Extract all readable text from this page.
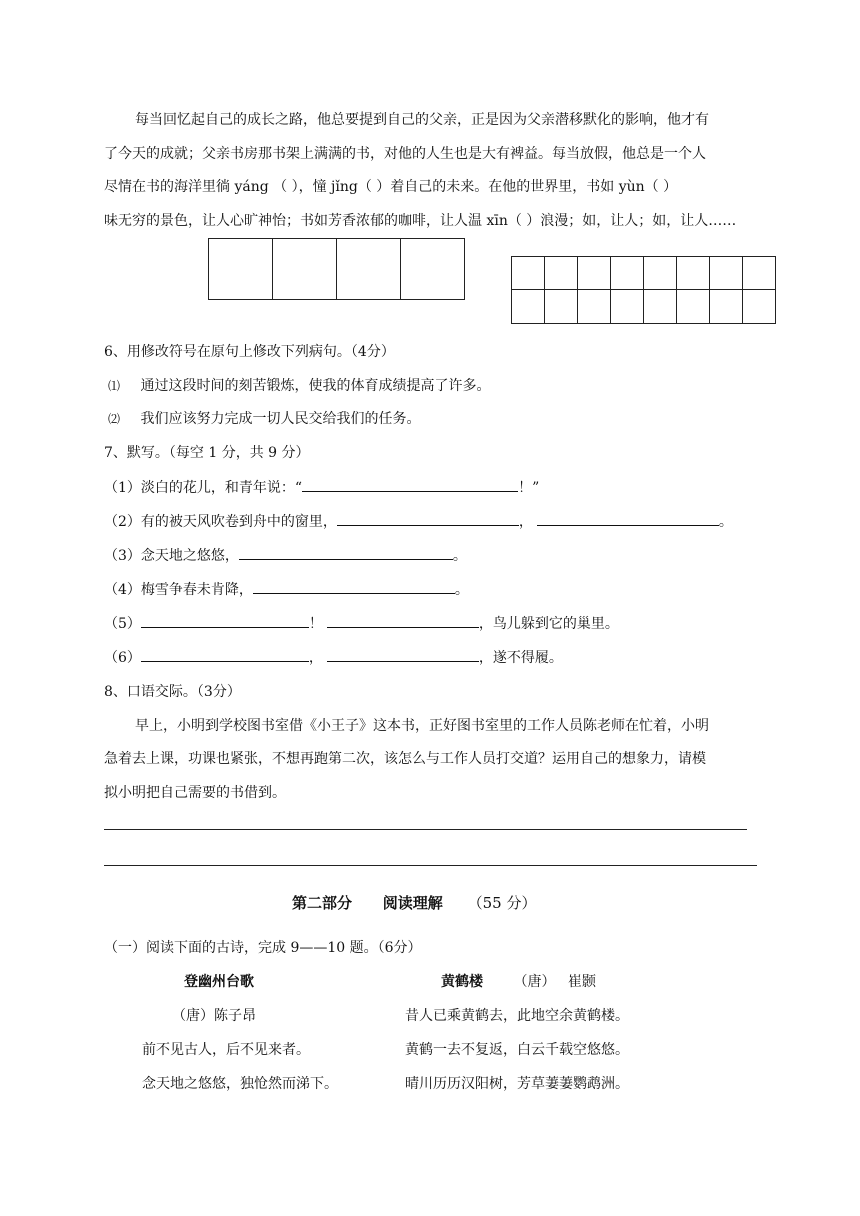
每当回忆起自己的成长之路，他总要提到自己的父亲，正是因为父亲潜移默化的影响，他才有
了今天的成就；父亲书房那书架上满满的书，对他的人生也是大有裨益。每当放假，他总是一个人
尽情在书的海洋里徜 yáng （ ），憧 jǐng（ ）着自己的未来。在他的世界里，书如 yùn（ ）
味无穷的景色，让人心旷神怡；书如芳香浓郁的咖啡，让人温 xīn（ ）浪漫；如，让人；如，让人……

6、用修改符号在原句上修改下列病句。（4分）
⑴ 通过这段时间的刻苦锻炼，使我的体育成绩提高了许多。
⑵ 我们应该努力完成一切人民交给我们的任务。
7、默写。（每空 1 分，共 9 分）
（1）淡白的花儿，和青年说：“	！”
（2）有的被天风吹卷到舟中的窗里，	，	。
（3）念天地之悠悠，	。
（4）梅雪争春未肯降，	。
（5）	！	，鸟儿躲到它的巢里。
（6）	，	，遂不得履。
8、口语交际。（3分）
早上，小明到学校图书室借《小王子》这本书，正好图书室里的工作人员陈老师在忙着，小明
急着去上课，功课也紧张，不想再跑第二次，该怎么与工作人员打交道？运用自己的想象力，请模
拟小明把自己需要的书借到。
第二部分 阅读理解 （55 分）
（一）阅读下面的古诗，完成 9——10 题。（6分）
登幽州台歌
（唐）陈子昂
前不见古人，后不见来者。
念天地之悠悠，独怆然而涕下。
黄鹤楼 （唐） 崔颢
昔人已乘黄鹤去，此地空余黄鹤楼。
黄鹤一去不复返，白云千载空悠悠。
晴川历历汉阳树，芳草萋萋鹦鹉洲。
